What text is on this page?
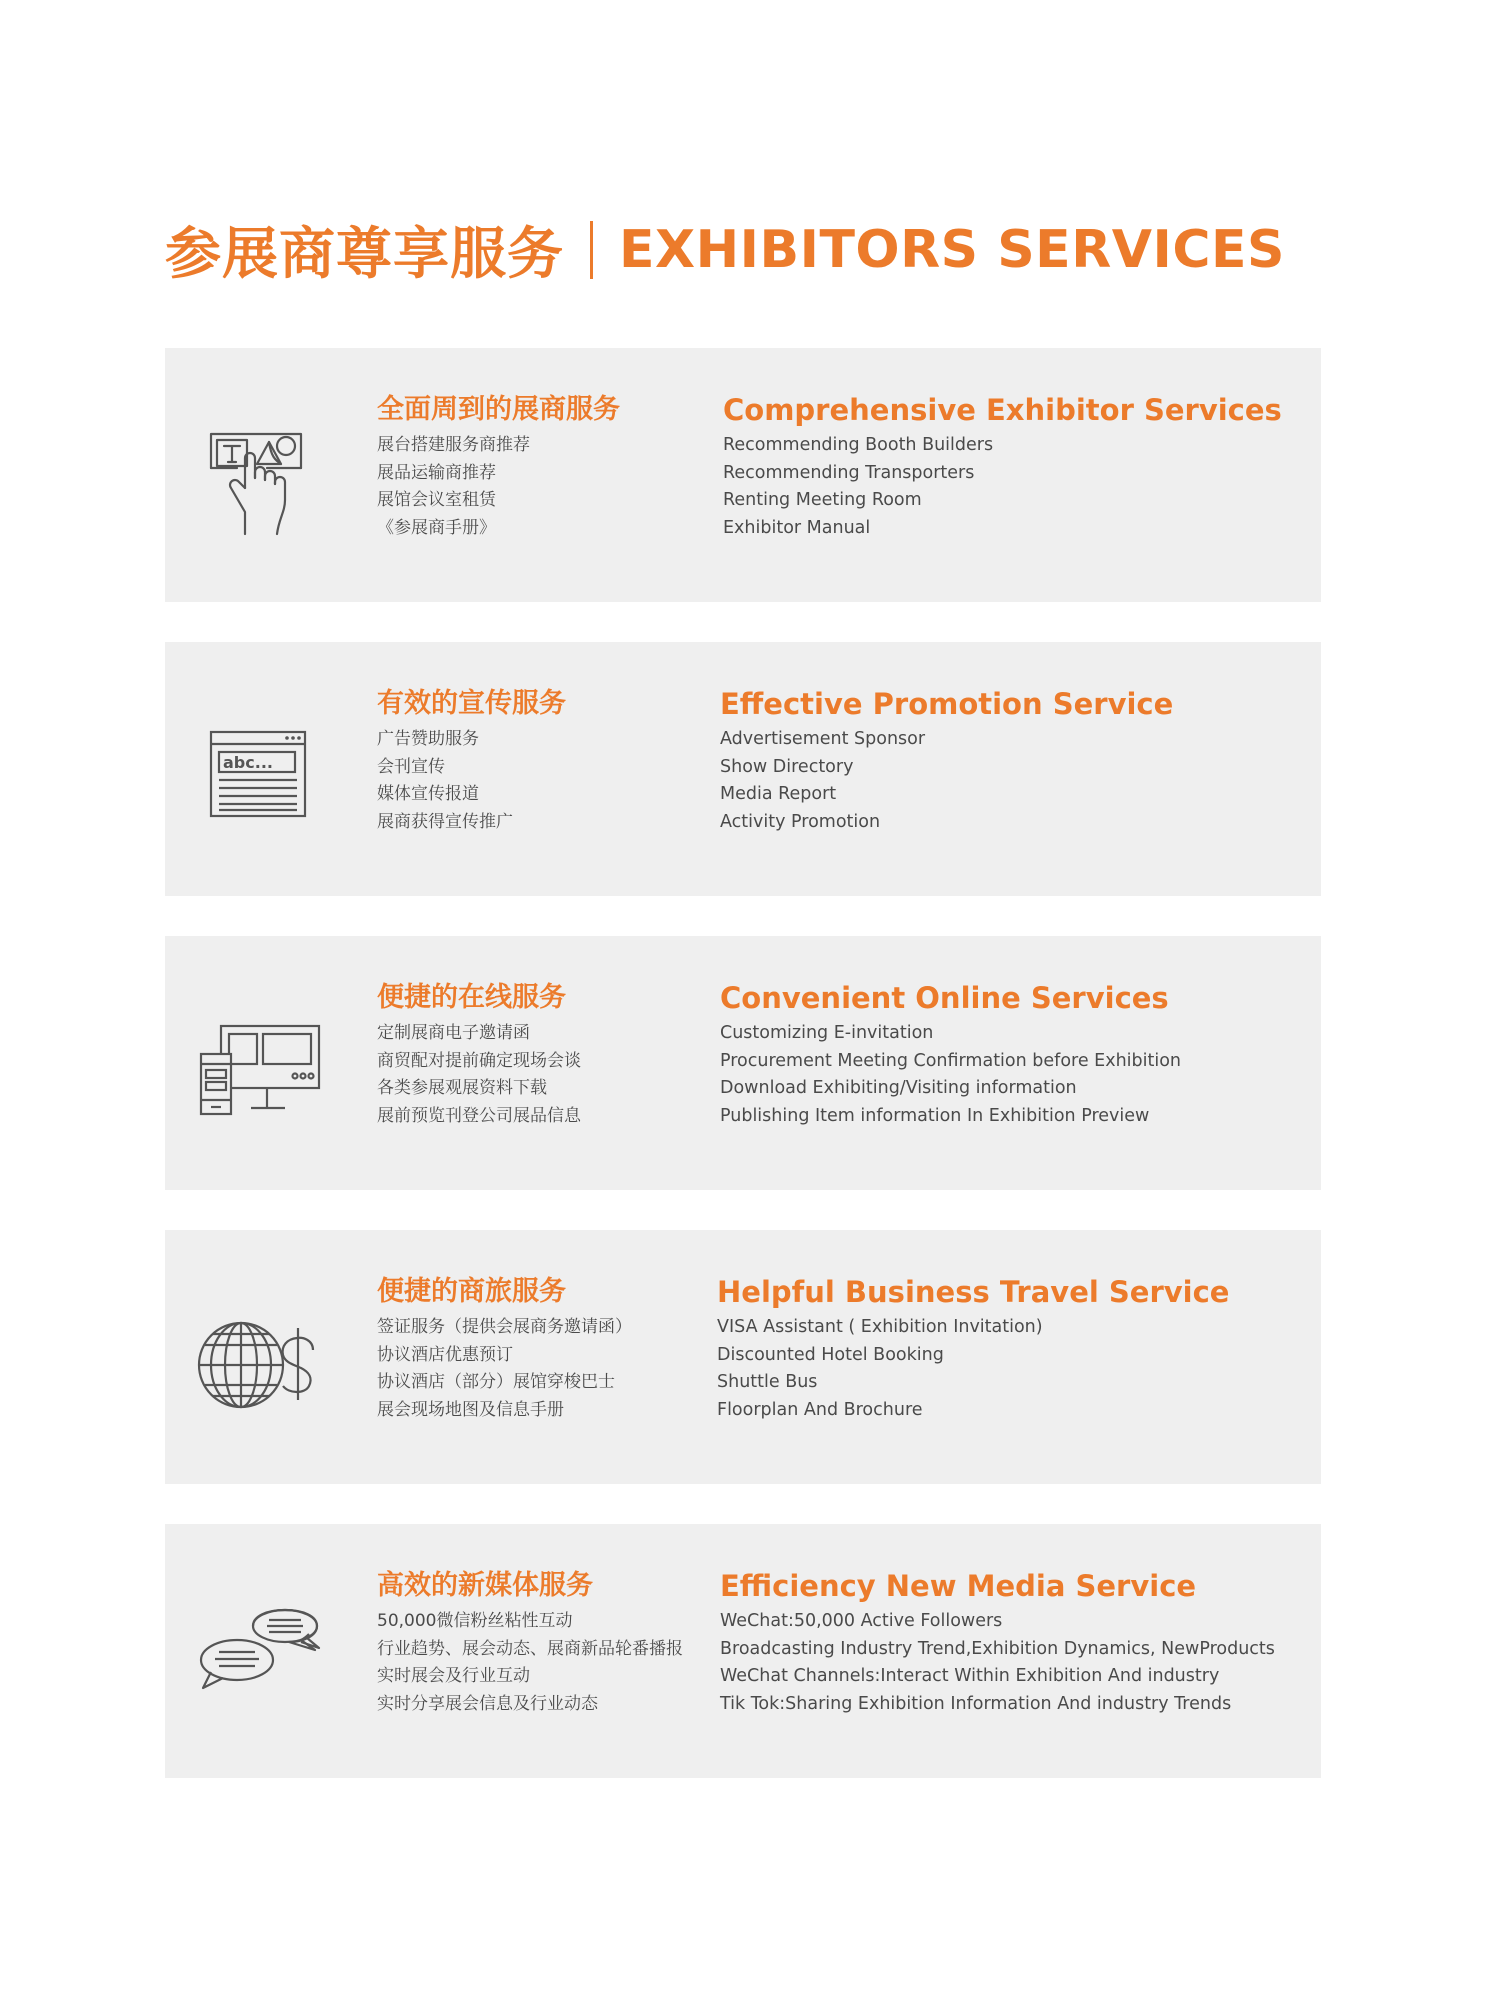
参展商尊享服务 EXHIBITORS SERVICES
全面周到的展商服务
展台搭建服务商推荐
展品运输商推荐
展馆会议室租赁
《参展商手册》
Comprehensive Exhibitor Services
Recommending Booth Builders
Recommending Transporters
Renting Meeting Room
Exhibitor Manual
abc...
有效的宣传服务
广告赞助服务
会刊宣传
媒体宣传报道
展商获得宣传推广
Effective Promotion Service
Advertisement Sponsor
Show Directory
Media Report
Activity Promotion
便捷的在线服务
定制展商电子邀请函
商贸配对提前确定现场会谈
各类参展观展资料下载
展前预览刊登公司展品信息
Convenient Online Services
Customizing E-invitation
Procurement Meeting Confirmation before Exhibition
Download Exhibiting/Visiting information
Publishing Item information In Exhibition Preview
便捷的商旅服务
签证服务（提供会展商务邀请函）
协议酒店优惠预订
协议酒店（部分）展馆穿梭巴士
展会现场地图及信息手册
Helpful Business Travel Service
VISA Assistant ( Exhibition Invitation)
Discounted Hotel Booking
Shuttle Bus
Floorplan And Brochure
高效的新媒体服务
50,000微信粉丝粘性互动
行业趋势、展会动态、展商新品轮番播报
实时展会及行业互动
实时分享展会信息及行业动态
Efficiency New Media Service
WeChat:50,000 Active Followers
Broadcasting Industry Trend,Exhibition Dynamics, NewProducts
WeChat Channels:Interact Within Exhibition And industry
Tik Tok:Sharing Exhibition Information And industry Trends
